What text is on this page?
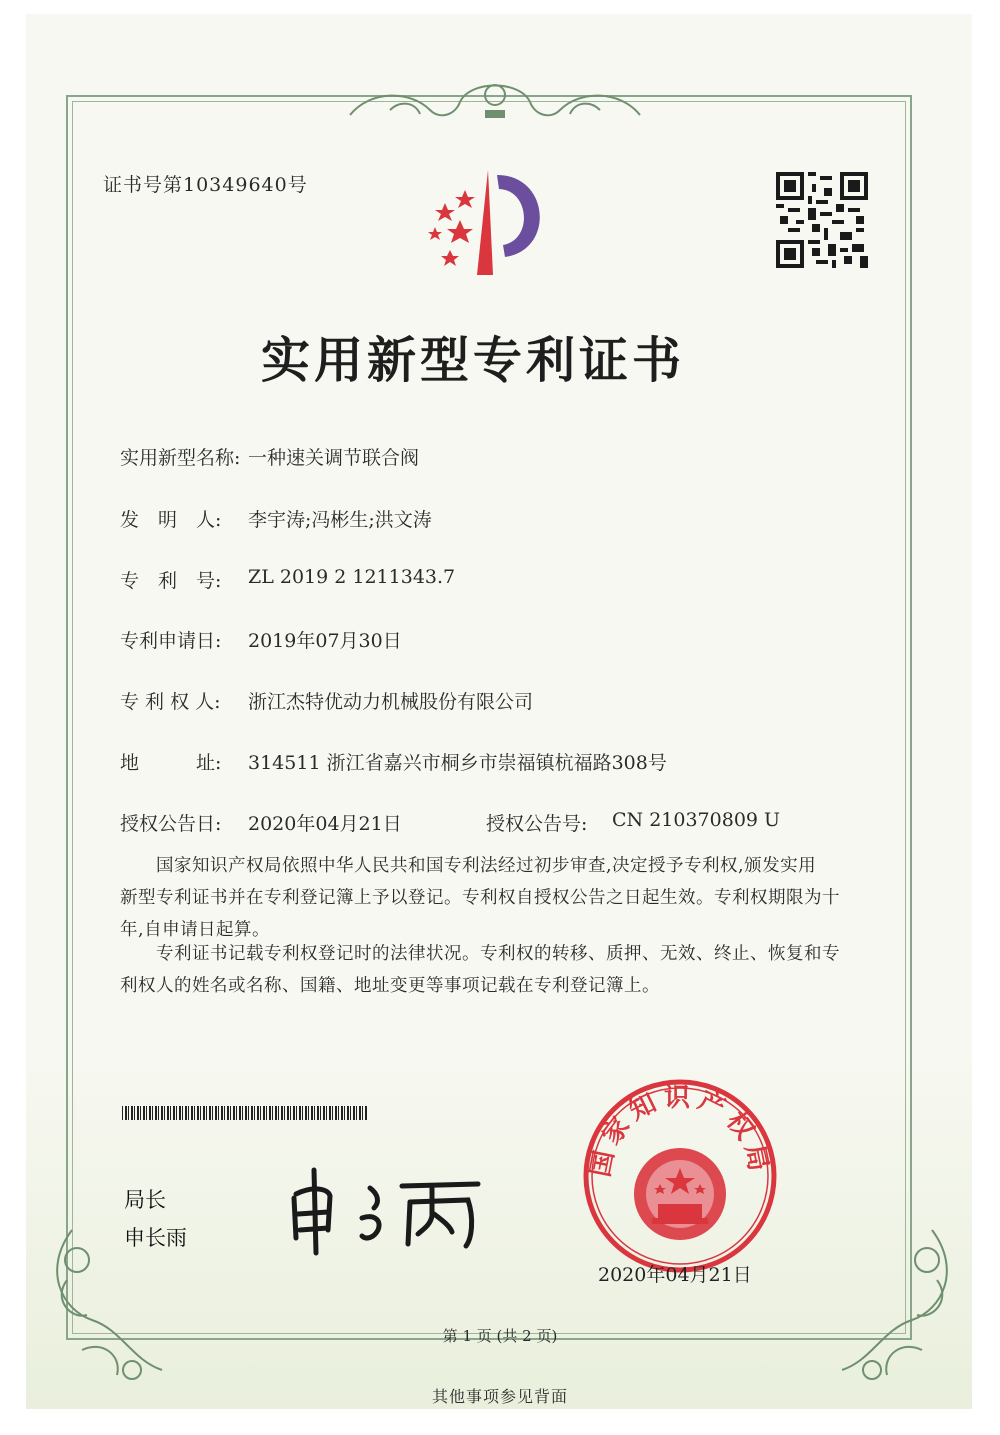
证书号第10349640号
实用新型专利证书
实用新型名称: 一种速关调节联合阀
发　明　人: 李宇涛;冯彬生;洪文涛
专　利　号: ZL 2019 2 1211343.7
专利申请日: 2019年07月30日
专 利 权 人: 浙江杰特优动力机械股份有限公司
地　　　址: 314511 浙江省嘉兴市桐乡市崇福镇杭福路308号
授权公告日: 2020年04月21日	授权公告号: CN 210370809 U
国家知识产权局依照中华人民共和国专利法经过初步审查,决定授予专利权,颁发实用
新型专利证书并在专利登记簿上予以登记。专利权自授权公告之日起生效。专利权期限为十
年,自申请日起算。
专利证书记载专利权登记时的法律状况。专利权的转移、质押、无效、终止、恢复和专
利权人的姓名或名称、国籍、地址变更等事项记载在专利登记簿上。
局长
申长雨
国家知识产权局
2020年04月21日
第 1 页 (共 2 页)
其他事项参见背面
